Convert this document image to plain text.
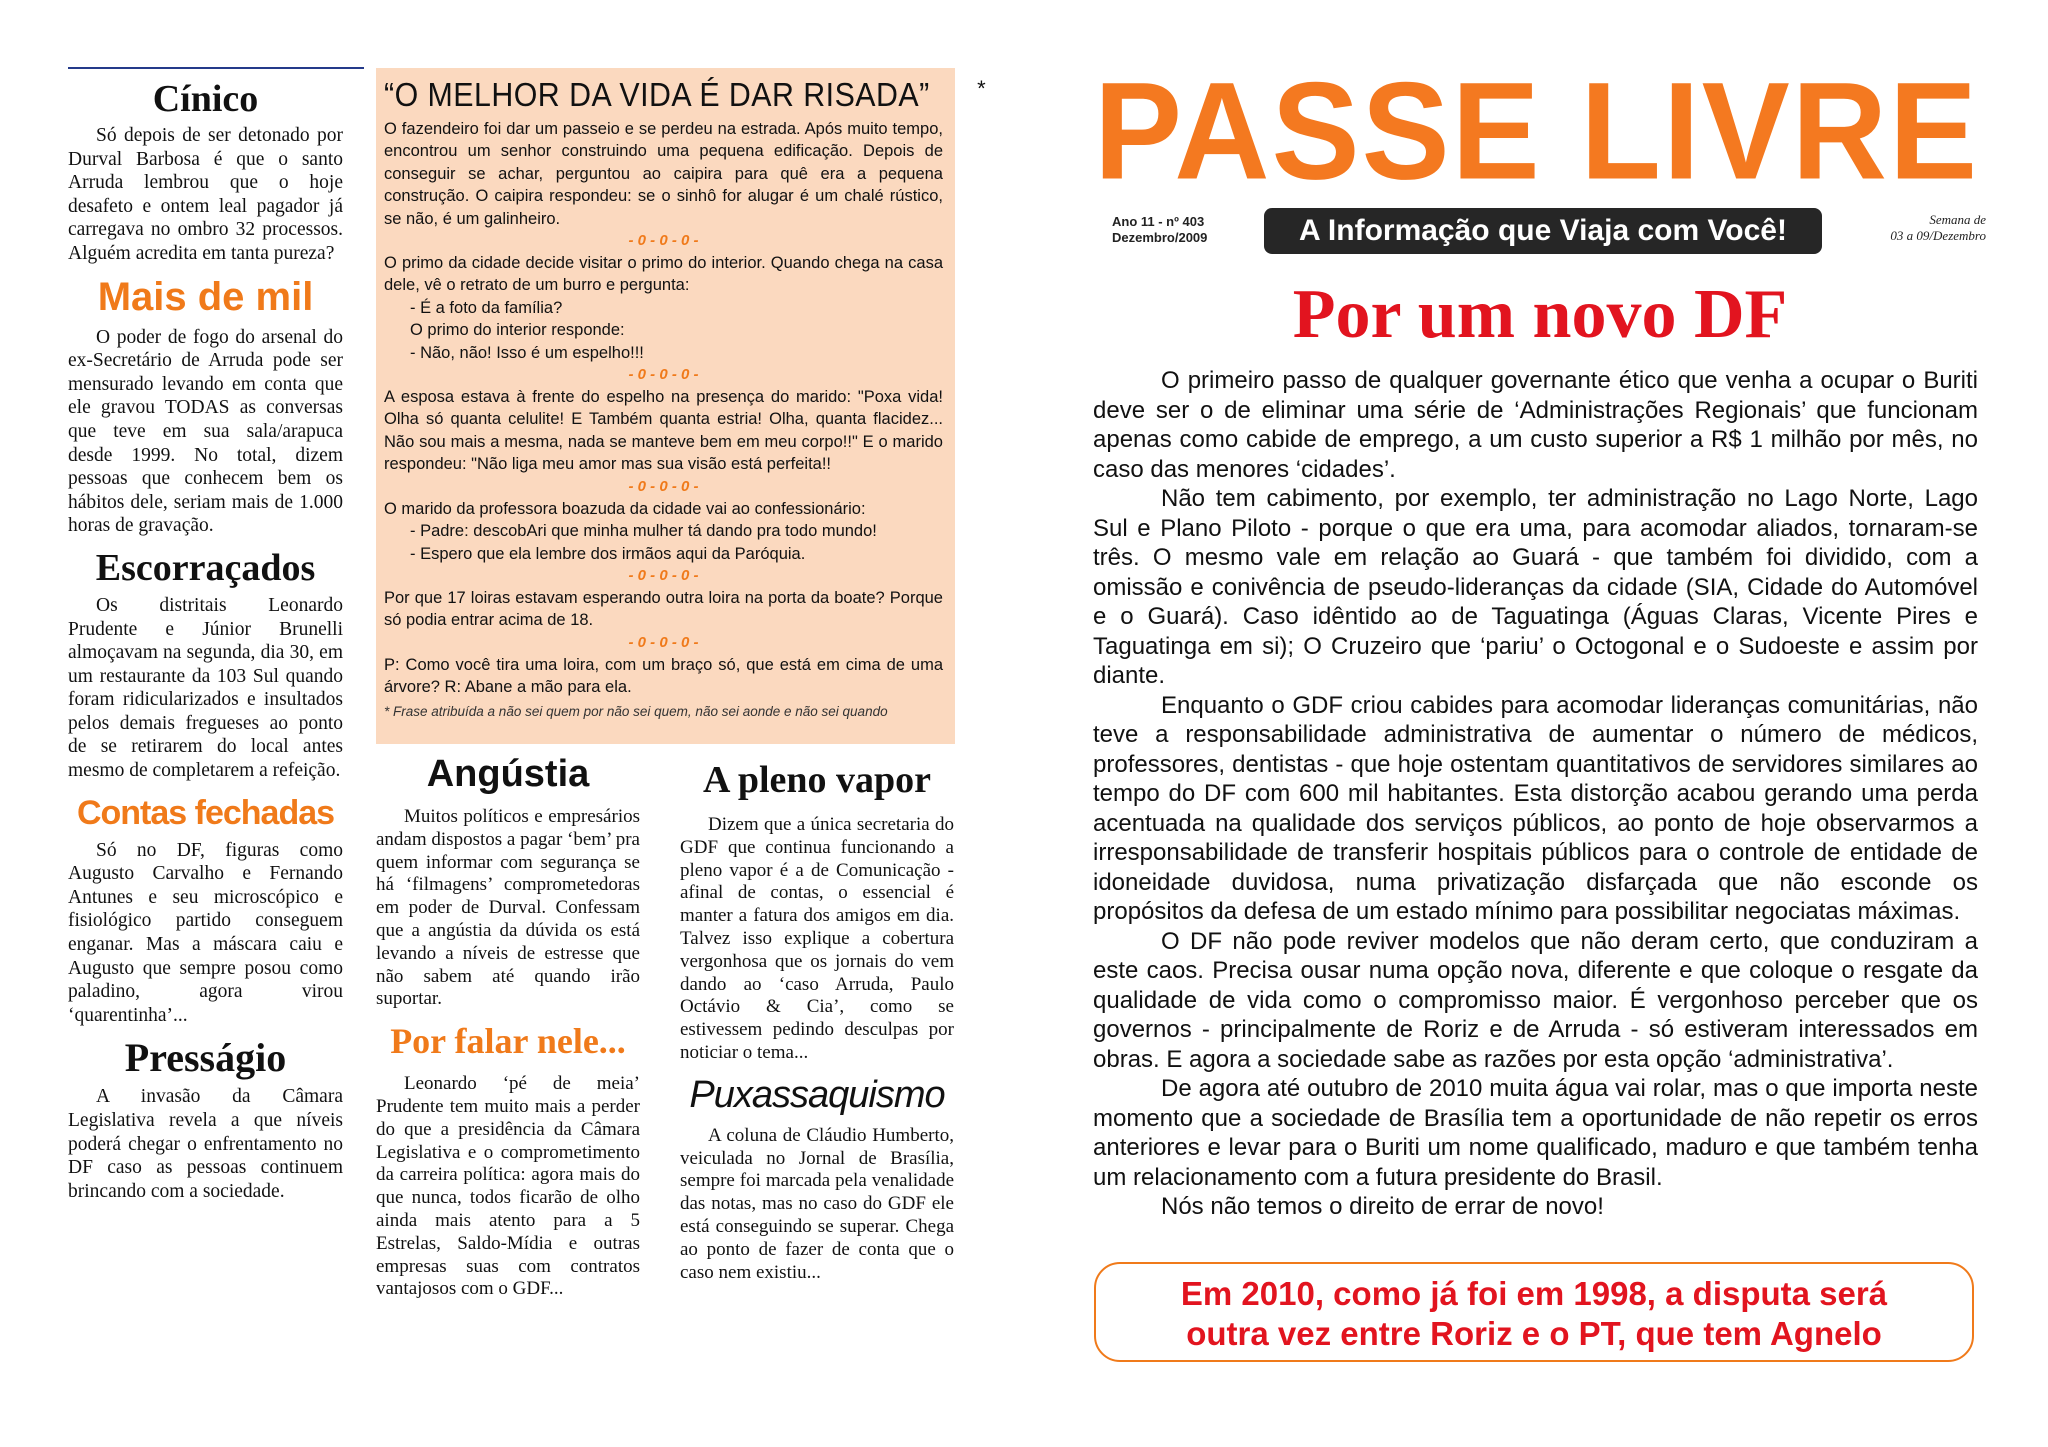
Cínico

Só depois de ser detonado por Durval Barbosa é que o santo Arruda lembrou que o hoje desafeto e ontem leal pagador já carregava no ombro 32 processos. Alguém acredita em tanta pureza?

Mais de mil

O poder de fogo do arsenal do ex-Secretário de Arruda pode ser mensurado levando em conta que ele gravou TODAS as conversas que teve em sua sala/arapuca desde 1999. No total, dizem pessoas que conhecem bem os hábitos dele, seriam mais de 1.000 horas de gravação.

Escorraçados

Os distritais Leonardo Prudente e Júnior Brunelli almoçavam na segunda, dia 30, em um restaurante da 103 Sul quando foram ridicularizados e insultados pelos demais fregueses ao ponto de se retirarem do local antes mesmo de completarem a refeição.

Contas fechadas

Só no DF, figuras como Augusto Carvalho e Fernando Antunes e seu microscópico e fisiológico partido conseguem enganar. Mas a máscara caiu e Augusto que sempre posou como paladino, agora virou ‘quarentinha’...

Presságio

A invasão da Câmara Legislativa revela a que níveis poderá chegar o enfrentamento no DF caso as pessoas continuem brincando com a sociedade.

“O MELHOR DA VIDA É DAR RISADA” *

O fazendeiro foi dar um passeio e se perdeu na estrada. Após muito tempo, encontrou um senhor construindo uma pequena edificação. Depois de conseguir se achar, perguntou ao caipira para quê era a pequena construção. O caipira respondeu: se o sinhô for alugar é um chalé rústico, se não, é um galinheiro.

- 0 - 0 - 0 -

O primo da cidade decide visitar o primo do interior. Quando chega na casa dele, vê o retrato de um burro e pergunta:

- É a foto da família?

O primo do interior responde:

- Não, não! Isso é um espelho!!!

- 0 - 0 - 0 -

A esposa estava à frente do espelho na presença do marido: "Poxa vida! Olha só quanta celulite! E Também quanta estria! Olha, quanta flacidez... Não sou mais a mesma, nada se manteve bem em meu corpo!!" E o marido respondeu: "Não liga meu amor mas sua visão está perfeita!!

- 0 - 0 - 0 -

O marido da professora boazuda da cidade vai ao confessionário:

- Padre: descobAri que minha mulher tá dando pra todo mundo!

- Espero que ela lembre dos irmãos aqui da Paróquia.

- 0 - 0 - 0 -

Por que 17 loiras estavam esperando outra loira na porta da boate? Porque só podia entrar acima de 18.

- 0 - 0 - 0 -

P: Como você tira uma loira, com um braço só, que está em cima de uma árvore? R: Abane a mão para ela.

* Frase atribuída a não sei quem por não sei quem, não sei aonde e não sei quando

Angústia

Muitos políticos e empresários andam dispostos a pagar ‘bem’ pra quem informar com segurança se há ‘filmagens’ comprometedoras em poder de Durval. Confessam que a angústia da dúvida os está levando a níveis de estresse que não sabem até quando irão suportar.

Por falar nele...

Leonardo ‘pé de meia’ Prudente tem muito mais a perder do que a presidência da Câmara Legislativa e o comprometimento da carreira política: agora mais do que nunca, todos ficarão de olho ainda mais atento para a 5 Estrelas, Saldo-Mídia e outras empresas suas com contratos vantajosos com o GDF...

A pleno vapor

Dizem que a única secretaria do GDF que continua funcionando a pleno vapor é a de Comunicação - afinal de contas, o essencial é manter a fatura dos amigos em dia. Talvez isso explique a cobertura vergonhosa que os jornais do vem dando ao ‘caso Arruda, Paulo Octávio & Cia’, como se estivessem pedindo desculpas por noticiar o tema...

Puxassaquismo

A coluna de Cláudio Humberto, veiculada no Jornal de Brasília, sempre foi marcada pela venalidade das notas, mas no caso do GDF ele está conseguindo se superar. Chega ao ponto de fazer de conta que o caso nem existiu...

PASSE LIVRE
Ano 11 - nº 403
Dezembro/2009	A Informação que Viaja com Você!	Semana de
03 a 09/Dezembro
Por um novo DF

O primeiro passo de qualquer governante ético que venha a ocupar o Buriti deve ser o de eliminar uma série de ‘Administrações Regionais’ que funcionam apenas como cabide de emprego, a um custo superior a R$ 1 milhão por mês, no caso das menores ‘cidades’.

Não tem cabimento, por exemplo, ter administração no Lago Norte, Lago Sul e Plano Piloto - porque o que era uma, para acomodar aliados, tornaram-se três. O mesmo vale em relação ao Guará - que também foi dividido, com a omissão e conivência de pseudo-lideranças da cidade (SIA, Cidade do Automóvel e o Guará). Caso idêntido ao de Taguatinga (Águas Claras, Vicente Pires e Taguatinga em si); O Cruzeiro que ‘pariu’ o Octogonal e o Sudoeste e assim por diante.

Enquanto o GDF criou cabides para acomodar lideranças comunitárias, não teve a responsabilidade administrativa de aumentar o número de médicos, professores, dentistas - que hoje ostentam quantitativos de servidores similares ao tempo do DF com 600 mil habitantes. Esta distorção acabou gerando uma perda acentuada na qualidade dos serviços públicos, ao ponto de hoje observarmos a irresponsabilidade de transferir hospitais públicos para o controle de entidade de idoneidade duvidosa, numa privatização disfarçada que não esconde os propósitos da defesa de um estado mínimo para possibilitar negociatas máximas.

O DF não pode reviver modelos que não deram certo, que conduziram a este caos. Precisa ousar numa opção nova, diferente e que coloque o resgate da qualidade de vida como o compromisso maior. É vergonhoso perceber que os governos - principalmente de Roriz e de Arruda - só estiveram interessados em obras. E agora a sociedade sabe as razões por esta opção ‘administrativa’.

De agora até outubro de 2010 muita água vai rolar, mas o que importa neste momento que a sociedade de Brasília tem a oportunidade de não repetir os erros anteriores e levar para o Buriti um nome qualificado, maduro e que também tenha um relacionamento com a futura presidente do Brasil.

Nós não temos o direito de errar de novo!

Em 2010, como já foi em 1998, a disputa será
outra vez entre Roriz e o PT, que tem Agnelo
